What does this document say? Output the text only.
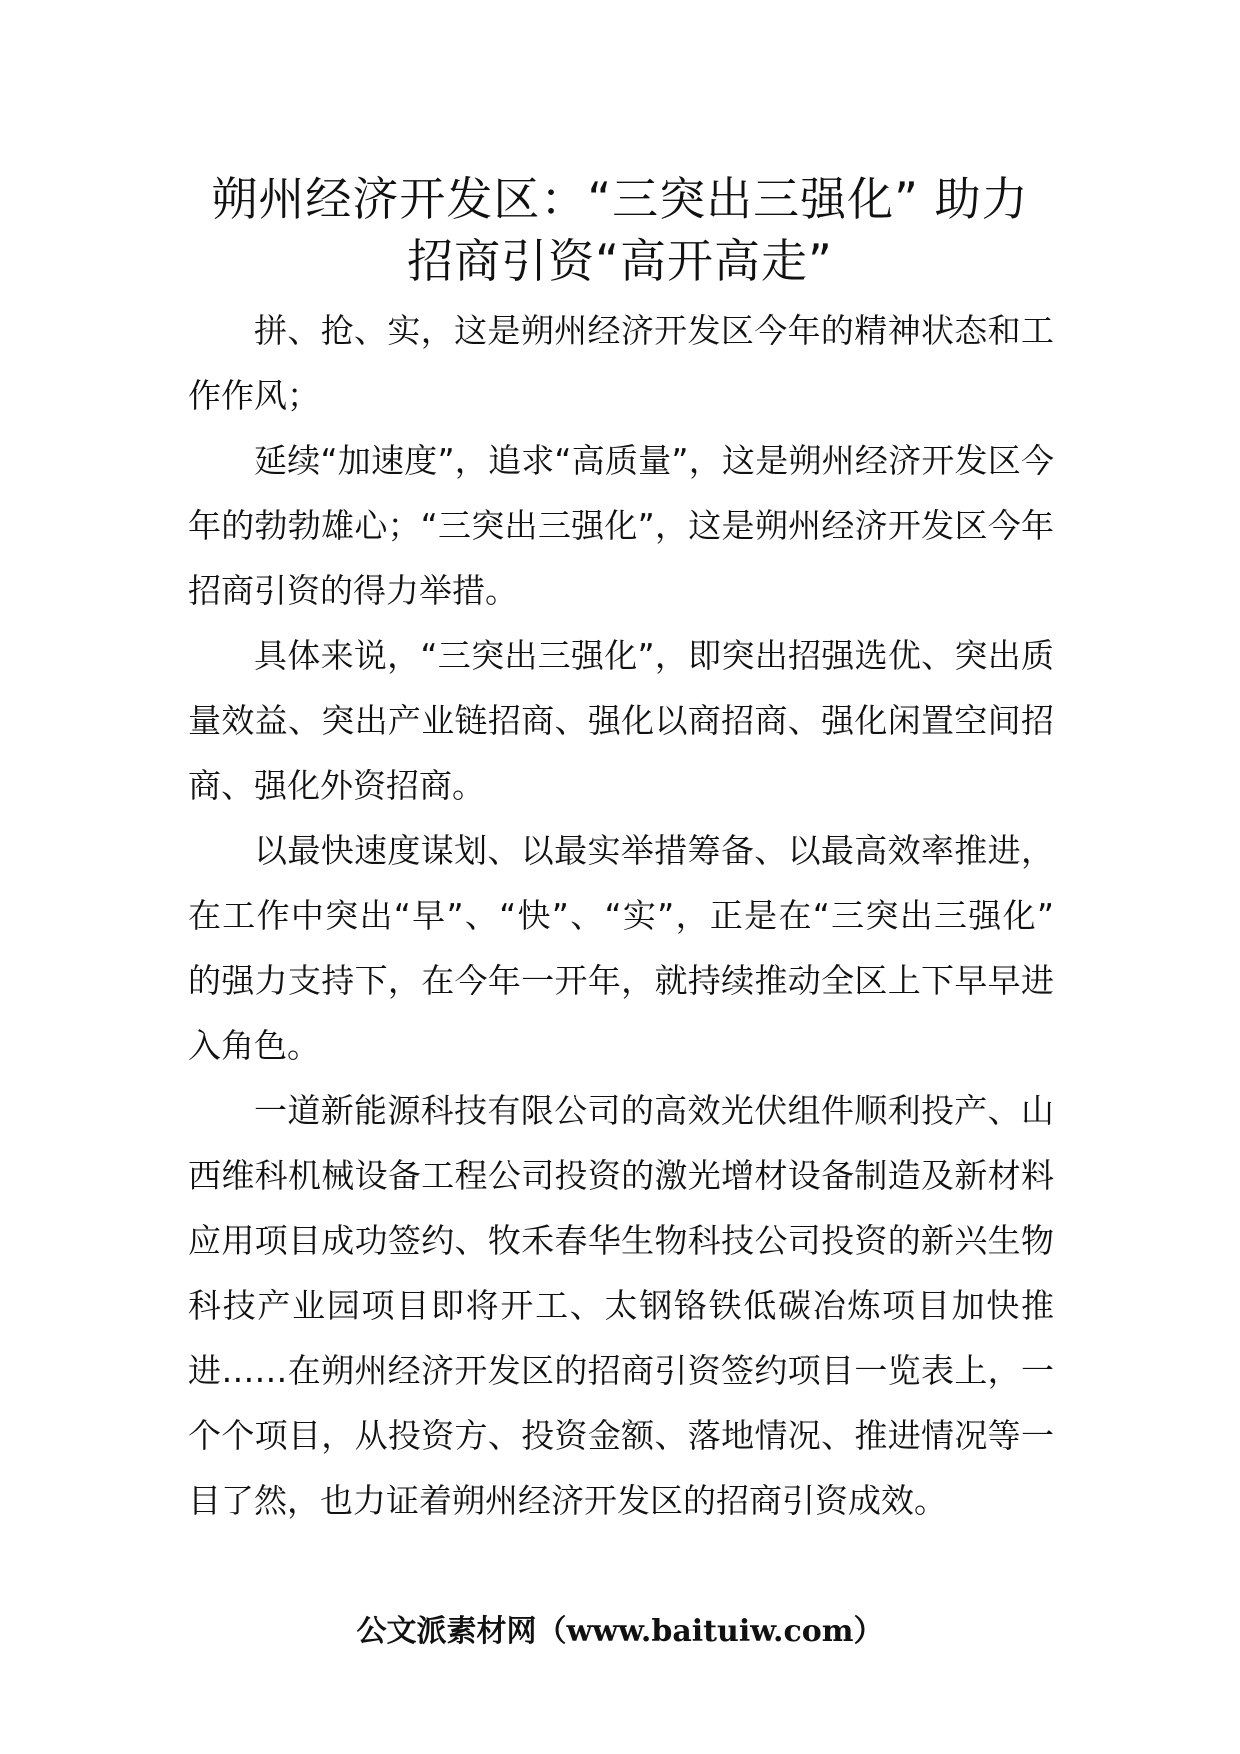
朔州经济开发区：“三突出三强化” 助力
招商引资“高开高走”

拼、抢、实，这是朔州经济开发区今年的精神状态和工作作风；

延续“加速度”，追求“高质量”，这是朔州经济开发区今年的勃勃雄心；“三突出三强化”，这是朔州经济开发区今年招商引资的得力举措。

具体来说，“三突出三强化”，即突出招强选优、突出质量效益、突出产业链招商、强化以商招商、强化闲置空间招商、强化外资招商。

以最快速度谋划、以最实举措筹备、以最高效率推进，在工作中突出“早”、“快”、“实”，正是在“三突出三强化” 的强力支持下，在今年一开年，就持续推动全区上下早早进入角色。

一道新能源科技有限公司的高效光伏组件顺利投产、山西维科机械设备工程公司投资的激光增材设备制造及新材料应用项目成功签约、牧禾春华生物科技公司投资的新兴生物科技产业园项目即将开工、太钢铬铁低碳冶炼项目加快推进……在朔州经济开发区的招商引资签约项目一览表上，一个个项目，从投资方、投资金额、落地情况、推进情况等一目了然，也力证着朔州经济开发区的招商引资成效。

公文派素材网（www.baituiw.com）
